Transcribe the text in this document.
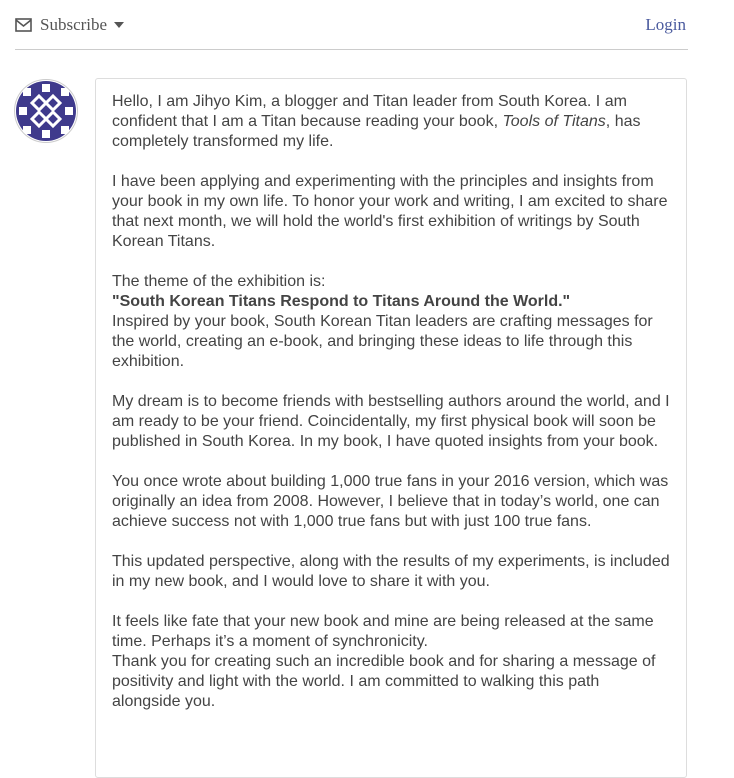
Subscribe	Login

Hello, I am Jihyo Kim, a blogger and Titan leader from South Korea. I am confident that I am a Titan because reading your book, Tools of Titans, has completely transformed my life.

I have been applying and experimenting with the principles and insights from your book in my own life. To honor your work and writing, I am excited to share that next month, we will hold the world's first exhibition of writings by South Korean Titans.

The theme of the exhibition is:
"South Korean Titans Respond to Titans Around the World."
Inspired by your book, South Korean Titan leaders are crafting messages for the world, creating an e-book, and bringing these ideas to life through this exhibition.

My dream is to become friends with bestselling authors around the world, and I am ready to be your friend. Coincidentally, my first physical book will soon be published in South Korea. In my book, I have quoted insights from your book.

You once wrote about building 1,000 true fans in your 2016 version, which was originally an idea from 2008. However, I believe that in today’s world, one can achieve success not with 1,000 true fans but with just 100 true fans.

This updated perspective, along with the results of my experiments, is included in my new book, and I would love to share it with you.

It feels like fate that your new book and mine are being released at the same time. Perhaps it’s a moment of synchronicity.
Thank you for creating such an incredible book and for sharing a message of positivity and light with the world. I am committed to walking this path alongside you.
